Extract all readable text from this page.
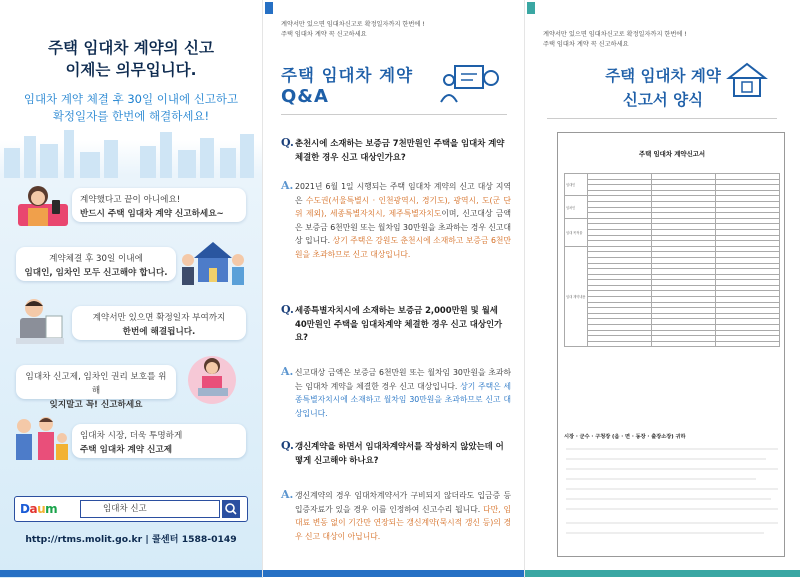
주택 임대차 계약의 신고
이제는 의무입니다.
임대차 계약 체결 후 30일 이내에 신고하고
확정일자를 한번에 해결하세요!
계약했다고 끝이 아니에요!
반드시 주택 임대차 계약 신고하세요~
계약체결 후 30일 이내에
임대인, 임차인 모두 신고해야 합니다.
계약서만 있으면 확정일자 부여까지
한번에 해결됩니다.
임대차 신고제, 임차인 권리 보호를 위해
잊지말고 꼭! 신고하세요
임대차 시장, 더욱 투명하게
주택 임대차 계약 신고제
Daum	임대차 신고
http://rtms.molit.go.kr | 콜센터 1588-0149
계약서만 있으면 임대차신고로 확정일자까지 한번에 !
주택 임대차 계약 꼭 신고하세요
주택 임대차 계약
Q&A
Q. 춘천시에 소재하는 보증금 7천만원인 주택을 임대차 계약 체결한 경우 신고 대상인가요?
A. 2021년 6월 1일 시행되는 주택 임대차 계약의 신고 대상 지역은 수도권(서울특별시 · 인천광역시, 경기도), 광역시, 도(군 단위 제외), 세종특별자치시, 제주특별자치도이며, 신고대상 금액은 보증금 6천만원 또는 월차임 30만원을 초과하는 경우 신고대상 입니다. 상기 주택은 강원도 춘천시에 소재하고 보증금 6천만원을 초과하므로 신고 대상입니다.
Q. 세종특별자치시에 소재하는 보증금 2,000만원 및 월세 40만원인 주택을 임대차계약 체결한 경우 신고 대상인가요?
A. 신고대상 금액은 보증금 6천만원 또는 월차임 30만원을 초과하는 임대차 계약을 체결한 경우 신고 대상입니다. 상기 주택은 세종특별자치시에 소재하고 월차임 30만원을 초과하므로 신고 대상입니다.
Q. 갱신계약을 하면서 임대차계약서를 작성하지 않았는데 어떻게 신고해야 하나요?
A. 갱신계약의 경우 임대차계약서가 구비되지 않더라도 입금증 등 입증자료가 있을 경우 이를 인정하여 신고수리 됩니다. 다만, 임대료 변동 없이 기간만 연장되는 갱신계약(묵시적 갱신 등)의 경우 신고 대상이 아닙니다.
계약서만 있으면 임대차신고로 확정일자까지 한번에 !
주택 임대차 계약 꼭 신고하세요
주택 임대차 계약
신고서 양식
주택 임대차 계약신고서
임대인			

임차인			

임대 목적물			

임대 계약내용			

시장 · 군수 · 구청장 (읍 · 면 · 동장 · 출장소장) 귀하
